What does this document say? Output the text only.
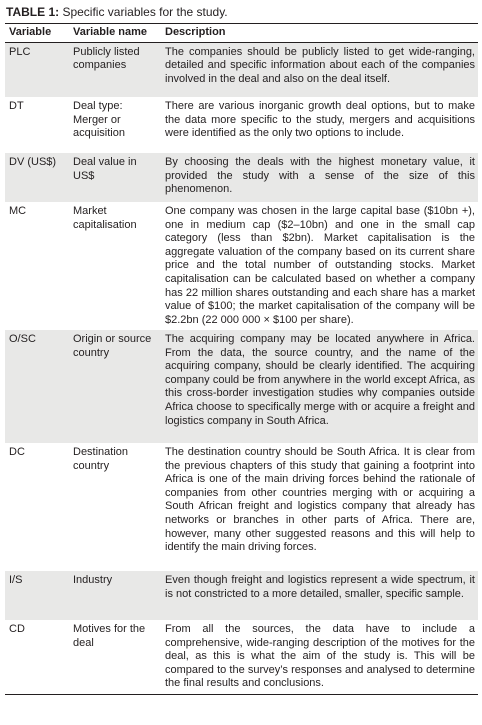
TABLE 1: Specific variables for the study.
Variable	Variable name	Description
PLC	Publicly listed companies	The companies should be publicly listed to get wide-ranging, detailed and specific information about each of the companies involved in the deal and also on the deal itself.
DT	Deal type: Merger or acquisition	There are various inorganic growth deal options, but to make the data more specific to the study, mergers and acquisitions were identified as the only two options to include.
DV (US$)	Deal value in US$	By choosing the deals with the highest monetary value, it provided the study with a sense of the size of this phenomenon.
MC	Market capitalisation	One company was chosen in the large capital base ($10bn +), one in medium cap ($2–10bn) and one in the small cap category (less than $2bn). Market capitalisation is the aggregate valuation of the company based on its current share price and the total number of outstanding stocks. Market capitalisation can be calculated based on whether a company has 22 million shares outstanding and each share has a market value of $100; the market capitalisation of the company will be $2.2bn (22 000 000 × $100 per share).
O/SC	Origin or source country	The acquiring company may be located anywhere in Africa. From the data, the source country, and the name of the acquiring company, should be clearly identified. The acquiring company could be from anywhere in the world except Africa, as this cross-border investigation studies why companies outside Africa choose to specifically merge with or acquire a freight and logistics company in South Africa.
DC	Destination country	The destination country should be South Africa. It is clear from the previous chapters of this study that gaining a footprint into Africa is one of the main driving forces behind the rationale of companies from other countries merging with or acquiring a South African freight and logistics company that already has networks or branches in other parts of Africa. There are, however, many other suggested reasons and this will help to identify the main driving forces.
I/S	Industry	Even though freight and logistics represent a wide spectrum, it is not constricted to a more detailed, smaller, specific sample.
CD	Motives for the deal	From all the sources, the data have to include a comprehensive, wide-ranging description of the motives for the deal, as this is what the aim of the study is. This will be compared to the survey’s responses and analysed to determine the final results and conclusions.
